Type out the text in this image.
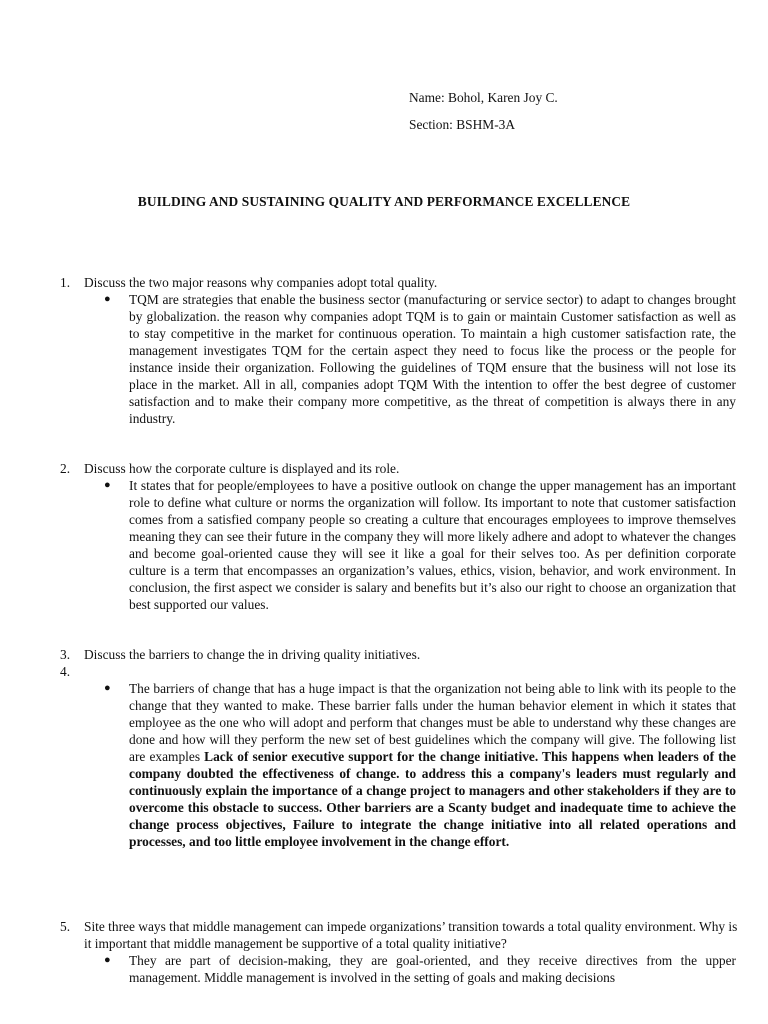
Name: Bohol, Karen Joy C.

Section: BSHM-3A

BUILDING AND SUSTAINING QUALITY AND PERFORMANCE EXCELLENCE

1. Discuss the two major reasons why companies adopt total quality.

● TQM are strategies that enable the business sector (manufacturing or service sector) to adapt to changes brought by globalization. the reason why companies adopt TQM is to gain or maintain Customer satisfaction as well as to stay competitive in the market for continuous operation. To maintain a high customer satisfaction rate, the management investigates TQM for the certain aspect they need to focus like the process or the people for instance inside their organization. Following the guidelines of TQM ensure that the business will not lose its place in the market. All in all, companies adopt TQM With the intention to offer the best degree of customer satisfaction and to make their company more competitive, as the threat of competition is always there in any industry.

2. Discuss how the corporate culture is displayed and its role.

● It states that for people/employees to have a positive outlook on change the upper management has an important role to define what culture or norms the organization will follow. Its important to note that customer satisfaction comes from a satisfied company people so creating a culture that encourages employees to improve themselves meaning they can see their future in the company they will more likely adhere and adopt to whatever the changes and become goal-oriented cause they will see it like a goal for their selves too. As per definition corporate culture is a term that encompasses an organization’s values, ethics, vision, behavior, and work environment. In conclusion, the first aspect we consider is salary and benefits but it’s also our right to choose an organization that best supported our values.

3. Discuss the barriers to change the in driving quality initiatives.

4.

● The barriers of change that has a huge impact is that the organization not being able to link with its people to the change that they wanted to make. These barrier falls under the human behavior element in which it states that employee as the one who will adopt and perform that changes must be able to understand why these changes are done and how will they perform the new set of best guidelines which the company will give. The following list are examples Lack of senior executive support for the change initiative. This happens when leaders of the company doubted the effectiveness of change. to address this a company's leaders must regularly and continuously explain the importance of a change project to managers and other stakeholders if they are to overcome this obstacle to success. Other barriers are a Scanty budget and inadequate time to achieve the change process objectives, Failure to integrate the change initiative into all related operations and processes, and too little employee involvement in the change effort.
5.	Site three ways that middle management can impede organizations’ transition towards a total quality environment. Why is it important that middle management be supportive of a total quality initiative?
● They are part of decision-making, they are goal-oriented, and they receive directives from the upper management. Middle management is involved in the setting of goals and making decisions
